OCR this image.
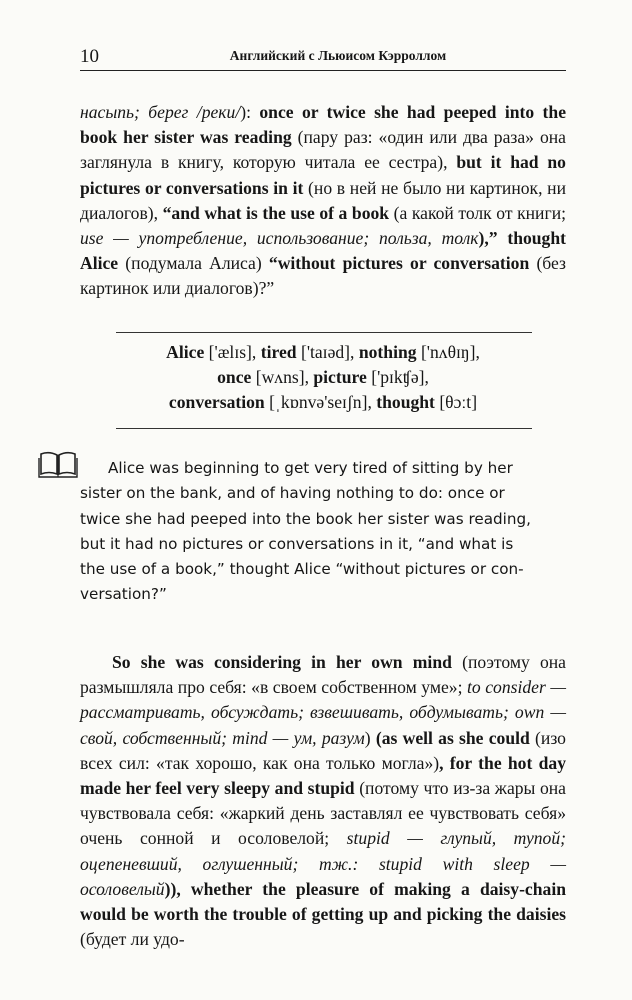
10	Английский с Льюисом Кэрроллом

насыпь; берег /реки/): once or twice she had peeped into the book her sister was reading (пару раз: «один или два раза» она заглянула в книгу, которую читала ее сестра), but it had no pictures or conversations in it (но в ней не было ни картинок, ни диалогов), “and what is the use of a book (а какой толк от книги; use — употребление, использование; польза, толк),” thought Alice (подумала Алиса) “without pictures or conversation (без картинок или диалогов)?”

Alice ['ælɪs], tired ['taɪəd], nothing ['nʌθɪŋ],
once [wʌns], picture ['pɪkʧə],
conversation [ˌkɒnvə'seɪʃn], thought [θɔːt]
Alice was beginning to get very tired of sitting by her
sister on the bank, and of having nothing to do: once or
twice she had peeped into the book her sister was reading,
but it had no pictures or conversations in it, “and what is
the use of a book,” thought Alice “without pictures or con-
versation?”

So she was considering in her own mind (поэтому она размышляла про себя: «в своем собственном уме»; to consider — рассматривать, обсуждать; взвешивать, обдумывать; own — свой, собственный; mind — ум, разум) (as well as she could (изо всех сил: «так хорошо, как она только могла»), for the hot day made her feel very sleepy and stupid (потому что из-за жары она чувствовала себя: «жаркий день заставлял ее чувствовать себя» очень сонной и осоловелой; stupid — глупый, тупой; оцепеневший, оглушенный; тж.: stupid with sleep — осоловелый)), whether the pleasure of making a daisy-chain would be worth the trouble of getting up and picking the daisies (будет ли удо-
